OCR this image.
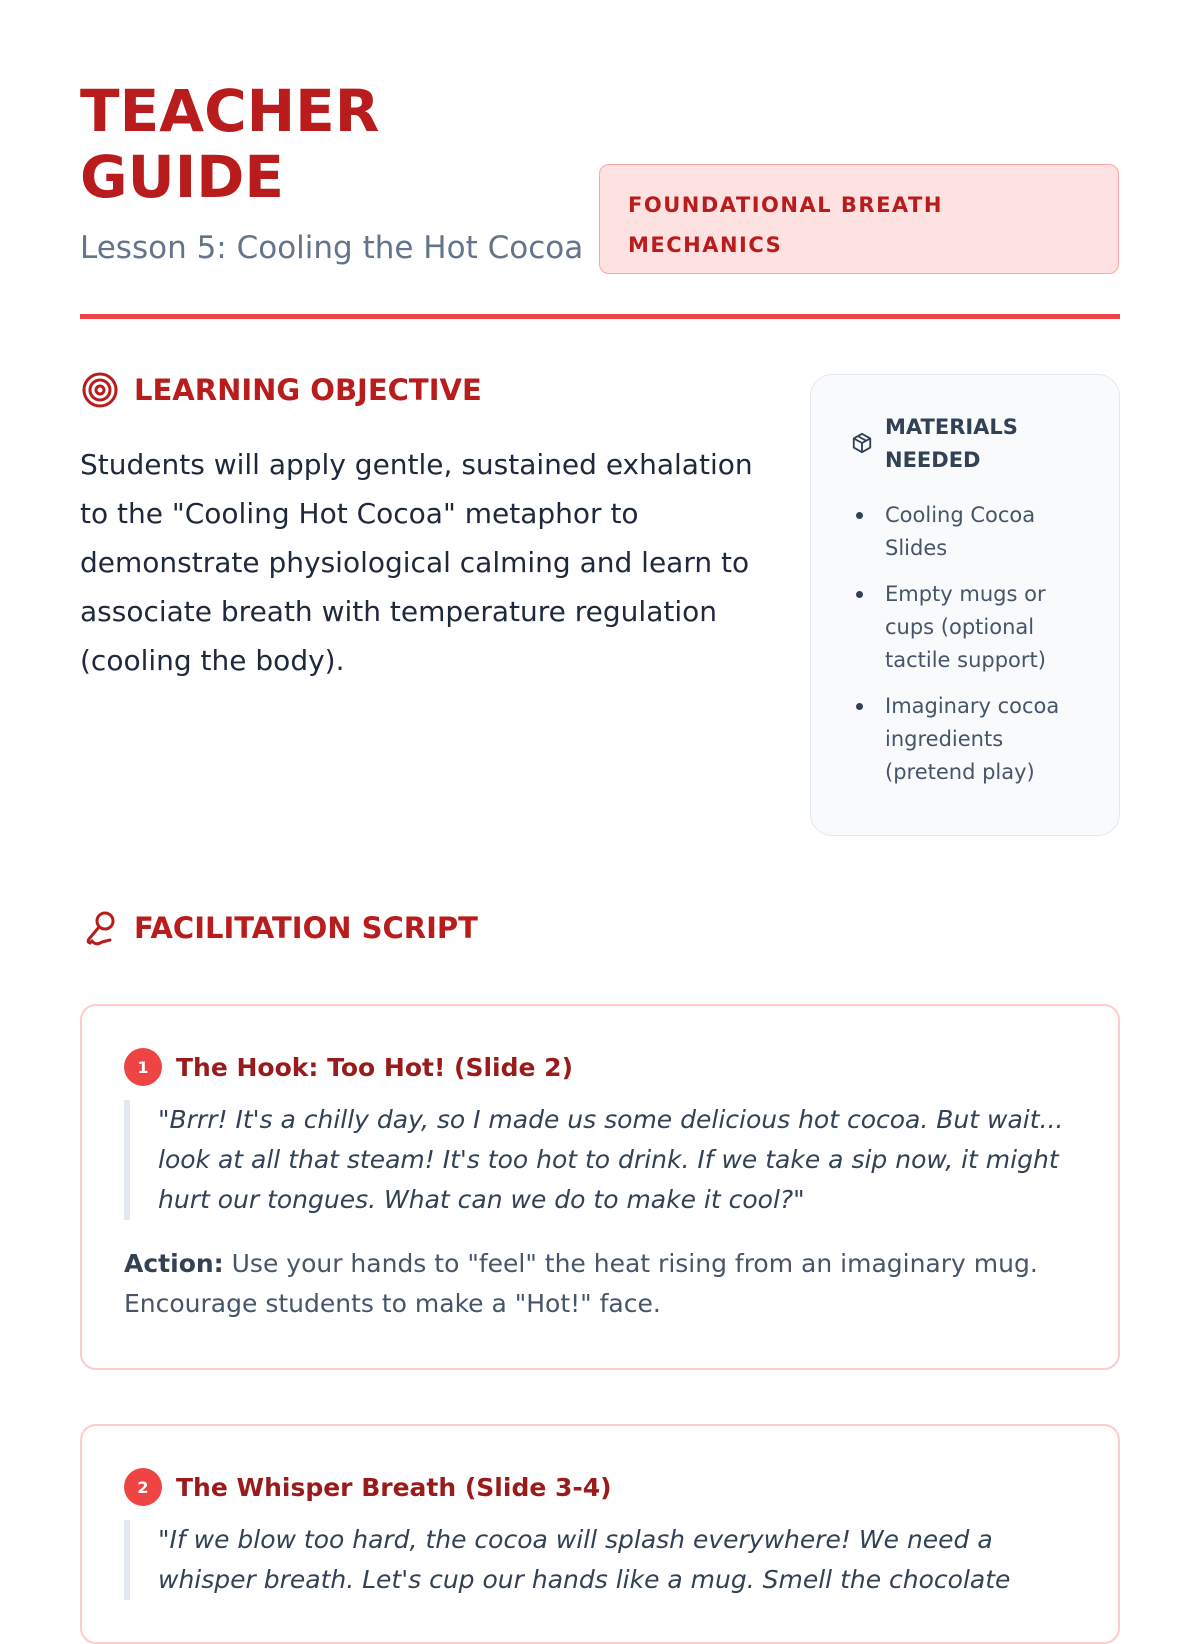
TEACHER
GUIDE
Lesson 5: Cooling the Hot Cocoa
FOUNDATIONAL BREATH
MECHANICS
LEARNING OBJECTIVE
Students will apply gentle, sustained exhalation to the "Cooling Hot Cocoa" metaphor to demonstrate physiological calming and learn to associate breath with temperature regulation (cooling the body).
MATERIALS NEEDED
Cooling Cocoa Slides
Empty mugs or cups (optional tactile support)
Imaginary cocoa ingredients (pretend play)
FACILITATION SCRIPT
1	The Hook: Too Hot! (Slide 2)
"Brrr! It's a chilly day, so I made us some delicious hot cocoa. But wait... look at all that steam! It's too hot to drink. If we take a sip now, it might hurt our tongues. What can we do to make it cool?"
Action: Use your hands to "feel" the heat rising from an imaginary mug. Encourage students to make a "Hot!" face.
2	The Whisper Breath (Slide 3-4)
"If we blow too hard, the cocoa will splash everywhere! We need a whisper breath. Let's cup our hands like a mug. Smell the chocolate
